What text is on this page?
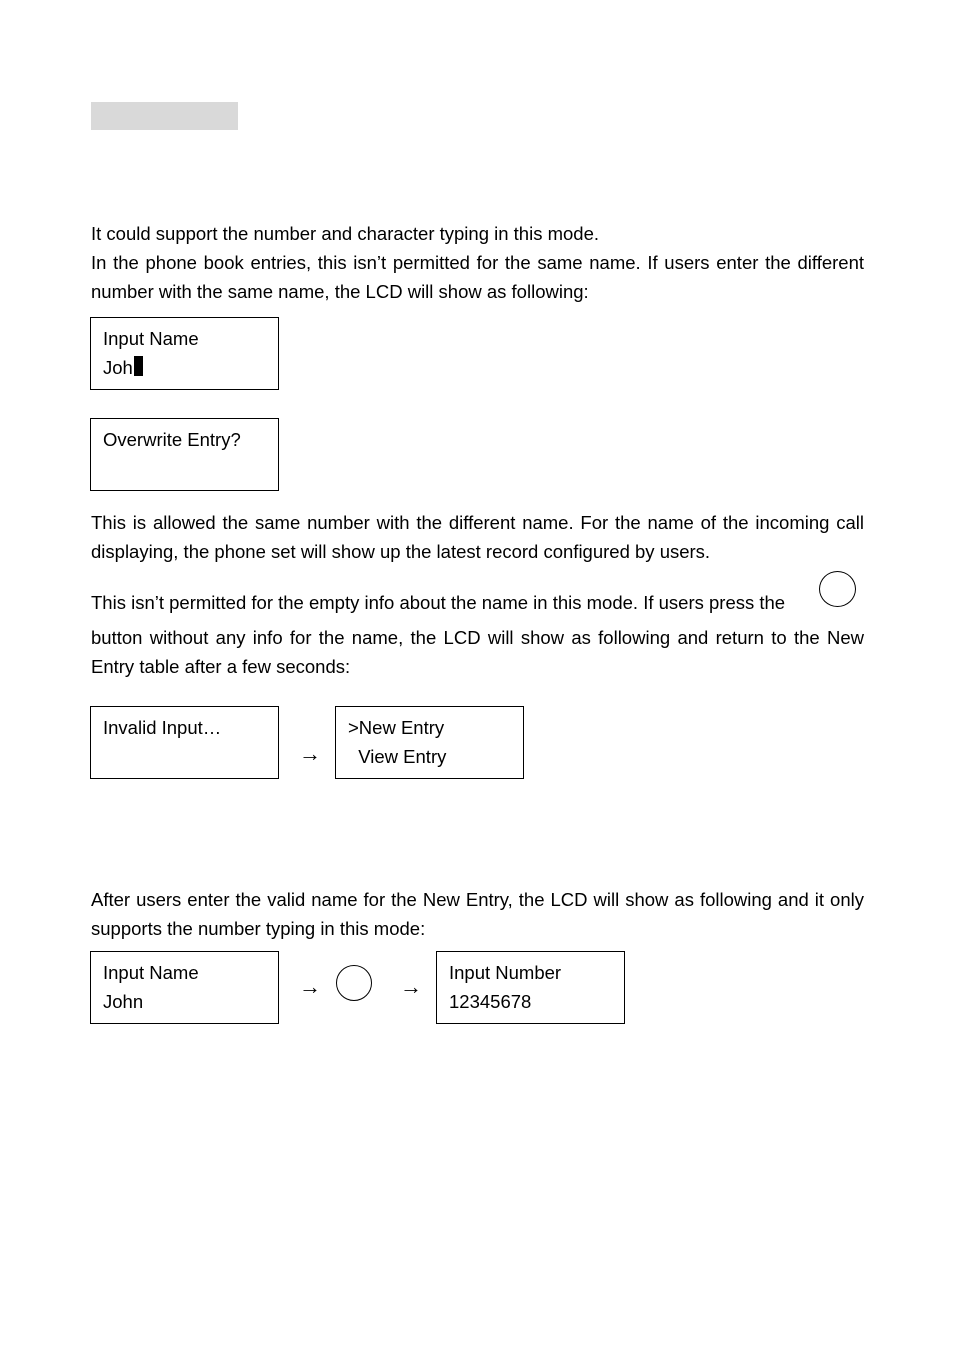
It could support the number and character typing in this mode.
In the phone book entries, this isn’t permitted for the same name. If users enter the different number with the same name, the LCD will show as following:

Input Name
Joh
Overwrite Entry?

This is allowed the same number with the different name. For the name of the incoming call displaying, the phone set will show up the latest record configured by users.

This isn’t permitted for the empty info about the name in this mode. If users press the
button without any info for the name, the LCD will show as following and return to the New Entry table after a few seconds:

Invalid Input…
→
>New Entry
View Entry

After users enter the valid name for the New Entry, the LCD will show as following and it only supports the number typing in this mode:

Input Name
John
→	→
Input Number
12345678
